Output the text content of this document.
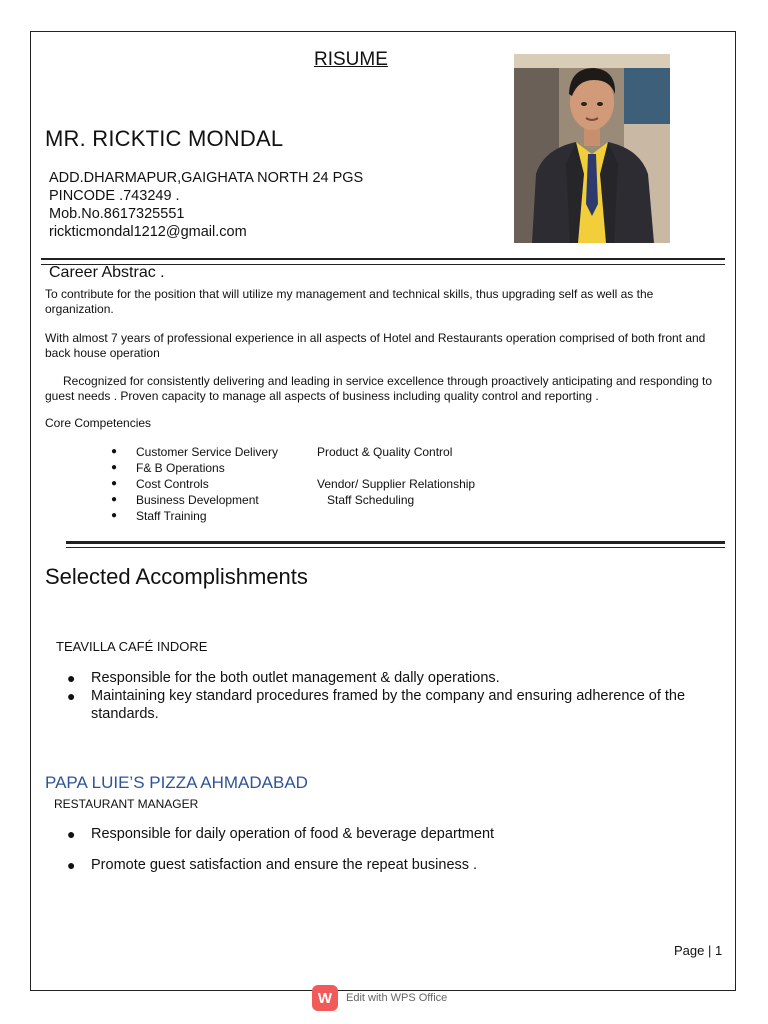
RISUME
MR. RICKTIC MONDAL
ADD.DHARMAPUR,GAIGHATA NORTH 24 PGS
PINCODE .743249 .
Mob.No.8617325551
rickticmondal1212@gmail.com
Career Abstrac .
To contribute for the position that will utilize my management and technical skills, thus upgrading self as well as the organization.
With almost 7 years of professional experience in all aspects of Hotel and Restaurants operation comprised of both front and back house operation
Recognized for consistently delivering and leading in service excellence through proactively anticipating and responding to guest needs . Proven capacity to manage all aspects of business including quality control and reporting .
Core Competencies
● Customer Service Delivery	Product & Quality Control
● F& B Operations
● Cost Controls	Vendor/ Supplier Relationship
● Business Development	Staff Scheduling
● Staff Training
Selected Accomplishments
TEAVILLA CAFÉ INDORE
● Responsible for the both outlet management & dally operations.
● Maintaining key standard procedures framed by the company and ensuring adherence of the standards.
PAPA LUIE’S PIZZA AHMADABAD
RESTAURANT MANAGER
● Responsible for daily operation of food & beverage department
● Promote guest satisfaction and ensure the repeat business .
Page | 1
W	Edit with WPS Office
